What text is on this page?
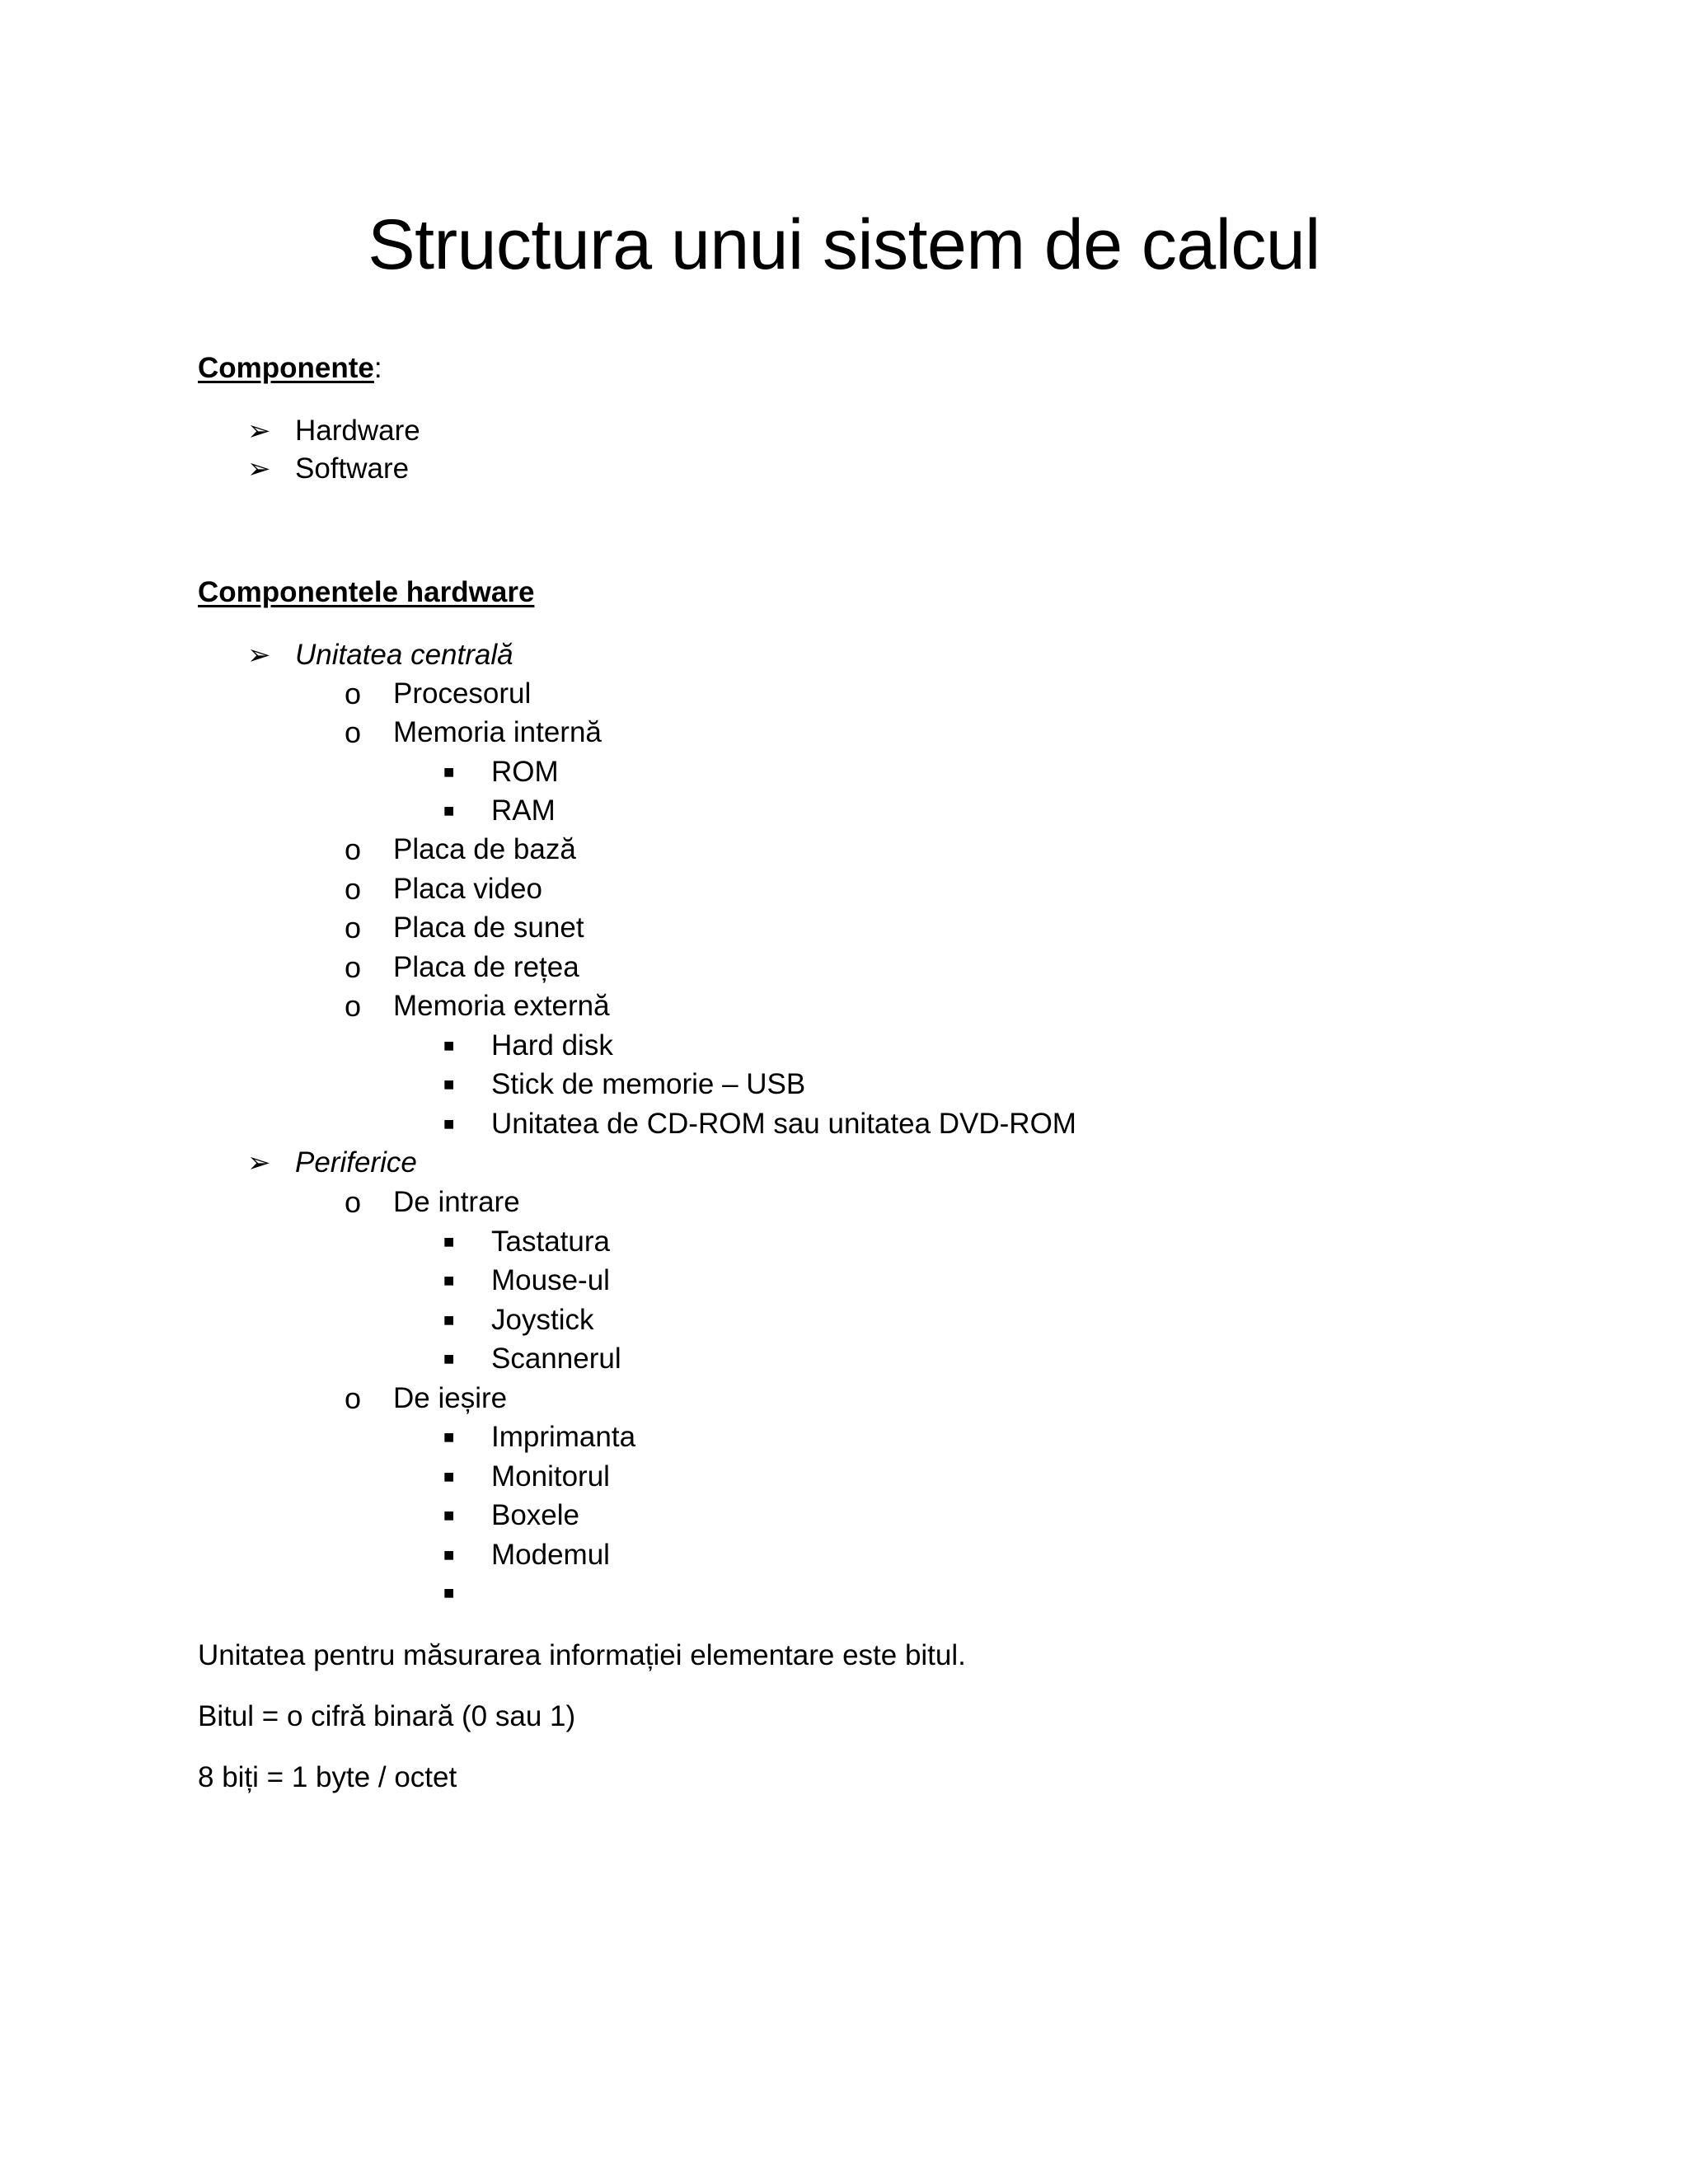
Structura unui sistem de calcul
Componente:
➢ Hardware
➢ Software
Componentele hardware
➢ Unitatea centrală
o Procesorul
o Memoria internă
■ ROM
■ RAM
o Placa de bază
o Placa video
o Placa de sunet
o Placa de rețea
o Memoria externă
■ Hard disk
■ Stick de memorie – USB
■ Unitatea de CD-ROM sau unitatea DVD-ROM
➢ Periferice
o De intrare
■ Tastatura
■ Mouse-ul
■ Joystick
■ Scannerul
o De ieșire
■ Imprimanta
■ Monitorul
■ Boxele
■ Modemul
■
Unitatea pentru măsurarea informației elementare este bitul.
Bitul = o cifră binară (0 sau 1)
8 biți = 1 byte / octet
